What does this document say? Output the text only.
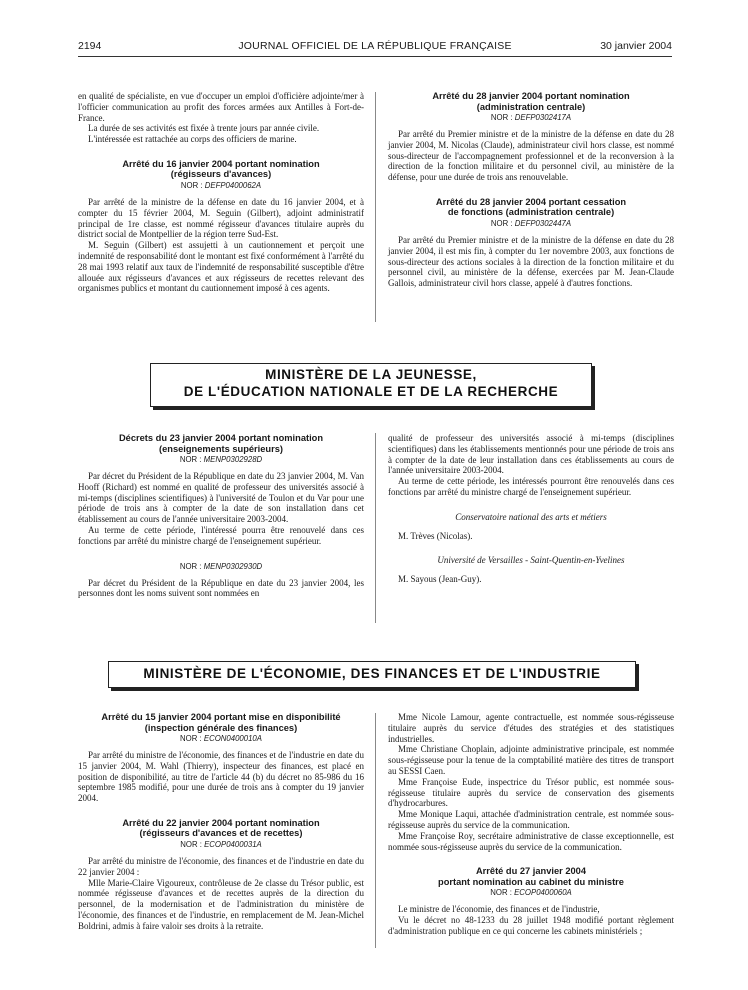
2194	JOURNAL OFFICIEL DE LA RÉPUBLIQUE FRANÇAISE	30 janvier 2004

en qualité de spécialiste, en vue d'occuper un emploi d'officière adjointe/mer à l'officier communication au profit des forces armées aux Antilles à Fort-de-France.

La durée de ses activités est fixée à trente jours par année civile.

L'intéressée est rattachée au corps des officiers de marine.

Arrêté du 16 janvier 2004 portant nomination
(régisseurs d'avances)
NOR : DEFP0400062A

Par arrêté de la ministre de la défense en date du 16 janvier 2004, et à compter du 15 février 2004, M. Seguin (Gilbert), adjoint administratif principal de 1re classe, est nommé régisseur d'avances titulaire auprès du district social de Montpellier de la région terre Sud-Est.

M. Seguin (Gilbert) est assujetti à un cautionnement et perçoit une indemnité de responsabilité dont le montant est fixé conformément à l'arrêté du 28 mai 1993 relatif aux taux de l'indemnité de responsabilité susceptible d'être allouée aux régisseurs d'avances et aux régisseurs de recettes relevant des organismes publics et montant du cautionnement imposé à ces agents.

Arrêté du 28 janvier 2004 portant nomination
(administration centrale)
NOR : DEFP0302417A

Par arrêté du Premier ministre et de la ministre de la défense en date du 28 janvier 2004, M. Nicolas (Claude), administrateur civil hors classe, est nommé sous-directeur de l'accompagnement professionnel et de la reconversion à la direction de la fonction militaire et du personnel civil, au ministère de la défense, pour une durée de trois ans renouvelable.

Arrêté du 28 janvier 2004 portant cessation
de fonctions (administration centrale)
NOR : DEFP0302447A

Par arrêté du Premier ministre et de la ministre de la défense en date du 28 janvier 2004, il est mis fin, à compter du 1er novembre 2003, aux fonctions de sous-directeur des actions sociales à la direction de la fonction militaire et du personnel civil, au ministère de la défense, exercées par M. Jean-Claude Gallois, administrateur civil hors classe, appelé à d'autres fonctions.

MINISTÈRE DE LA JEUNESSE,
DE L'ÉDUCATION NATIONALE ET DE LA RECHERCHE
Décrets du 23 janvier 2004 portant nomination
(enseignements supérieurs)
NOR : MENP0302928D

Par décret du Président de la République en date du 23 janvier 2004, M. Van Hooff (Richard) est nommé en qualité de professeur des universités associé à mi-temps (disciplines scientifiques) à l'université de Toulon et du Var pour une période de trois ans à compter de la date de son installation dans cet établissement au cours de l'année universitaire 2003-2004.

Au terme de cette période, l'intéressé pourra être renouvelé dans ces fonctions par arrêté du ministre chargé de l'enseignement supérieur.

NOR : MENP0302930D

Par décret du Président de la République en date du 23 janvier 2004, les personnes dont les noms suivent sont nommées en

qualité de professeur des universités associé à mi-temps (disciplines scientifiques) dans les établissements mentionnés pour une période de trois ans à compter de la date de leur installation dans ces établissements au cours de l'année universitaire 2003-2004.

Au terme de cette période, les intéressés pourront être renouvelés dans ces fonctions par arrêté du ministre chargé de l'enseignement supérieur.

Conservatoire national des arts et métiers

M. Trèves (Nicolas).

Université de Versailles - Saint-Quentin-en-Yvelines

M. Sayous (Jean-Guy).

MINISTÈRE DE L'ÉCONOMIE, DES FINANCES ET DE L'INDUSTRIE
Arrêté du 15 janvier 2004 portant mise en disponibilité
(inspection générale des finances)
NOR : ECON0400010A

Par arrêté du ministre de l'économie, des finances et de l'industrie en date du 15 janvier 2004, M. Wahl (Thierry), inspecteur des finances, est placé en position de disponibilité, au titre de l'article 44 (b) du décret no 85-986 du 16 septembre 1985 modifié, pour une durée de trois ans à compter du 19 janvier 2004.

Arrêté du 22 janvier 2004 portant nomination
(régisseurs d'avances et de recettes)
NOR : ECOP0400031A

Par arrêté du ministre de l'économie, des finances et de l'industrie en date du 22 janvier 2004 :

Mlle Marie-Claire Vigoureux, contrôleuse de 2e classe du Trésor public, est nommée régisseuse d'avances et de recettes auprès de la direction du personnel, de la modernisation et de l'administration du ministère de l'économie, des finances et de l'industrie, en remplacement de M. Jean-Michel Boldrini, admis à faire valoir ses droits à la retraite.

Mme Nicole Lamour, agente contractuelle, est nommée sous-régisseuse titulaire auprès du service d'études des stratégies et des statistiques industrielles.

Mme Christiane Choplain, adjointe administrative principale, est nommée sous-régisseuse pour la tenue de la comptabilité matière des titres de transport au SESSI Caen.

Mme Françoise Eude, inspectrice du Trésor public, est nommée sous-régisseuse titulaire auprès du service de conservation des gisements d'hydrocarbures.

Mme Monique Laqui, attachée d'administration centrale, est nommée sous-régisseuse auprès du service de la communication.

Mme Françoise Roy, secrétaire administrative de classe exceptionnelle, est nommée sous-régisseuse auprès du service de la communication.

Arrêté du 27 janvier 2004
portant nomination au cabinet du ministre
NOR : ECOP0400060A

Le ministre de l'économie, des finances et de l'industrie,

Vu le décret no 48-1233 du 28 juillet 1948 modifié portant règlement d'administration publique en ce qui concerne les cabinets ministériels ;
